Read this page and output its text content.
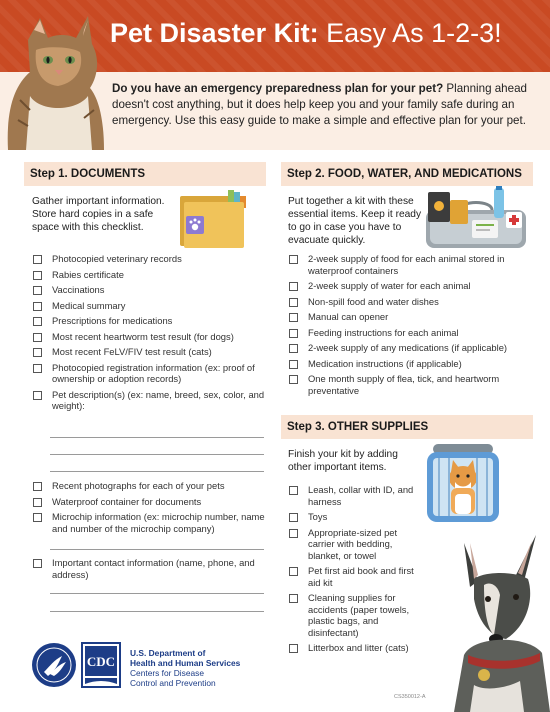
Pet Disaster Kit: Easy As 1-2-3!
Do you have an emergency preparedness plan for your pet? Planning ahead doesn't cost anything, but it does help keep you and your family safe during an emergency. Use this easy guide to make a simple and effective plan for your pet.
Step 1. DOCUMENTS
Gather important information. Store hard copies in a safe space with this checklist.
Photocopied veterinary records
Rabies certificate
Vaccinations
Medical summary
Prescriptions for medications
Most recent heartworm test result (for dogs)
Most recent FeLV/FIV test result (cats)
Photocopied registration information (ex: proof of ownership or adoption records)
Pet description(s) (ex: name, breed, sex, color, and weight):
Recent photographs for each of your pets
Waterproof container for documents
Microchip information (ex: microchip number, name and number of the microchip company)
Important contact information (name, phone, and address)
Step 2. FOOD, WATER, AND MEDICATIONS
Put together a kit with these essential items. Keep it ready to go in case you have to evacuate quickly.
2-week supply of food for each animal stored in waterproof containers
2-week supply of water for each animal
Non-spill food and water dishes
Manual can opener
Feeding instructions for each animal
2-week supply of any medications (if applicable)
Medication instructions (if applicable)
One month supply of flea, tick, and heartworm preventative
Step 3. OTHER SUPPLIES
Finish your kit by adding other important items.
Leash, collar with ID, and harness
Toys
Appropriate-sized pet carrier with bedding, blanket, or towel
Pet first aid book and first aid kit
Cleaning supplies for accidents (paper towels, plastic bags, and disinfectant)
Litterbox and litter (cats)
CDC
U.S. Department of
Health and Human Services
Centers for Disease
Control and Prevention
CS350012-A
